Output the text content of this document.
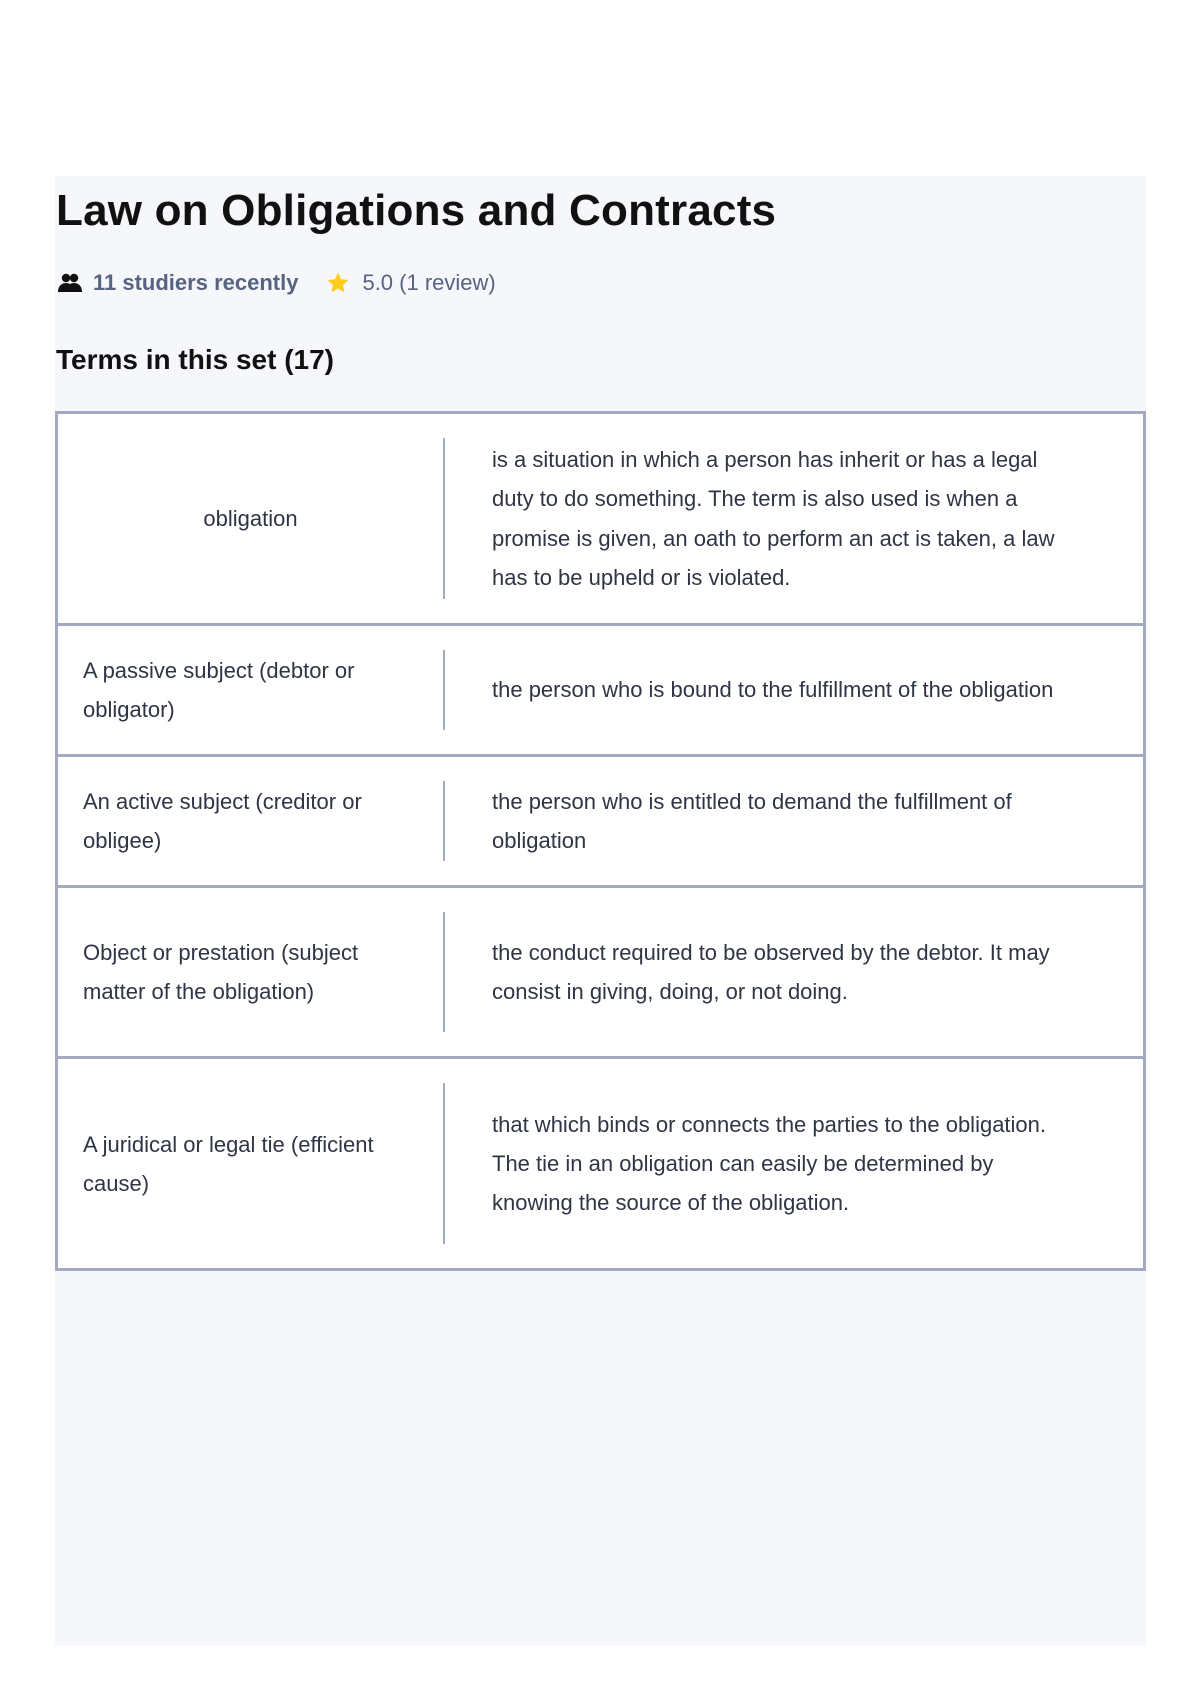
Law on Obligations and Contracts
11 studiers recently	5.0 (1 review)
Terms in this set (17)
obligation
is a situation in which a person has inherit or has a legal duty to do something. The term is also used is when a promise is given, an oath to perform an act is taken, a law has to be upheld or is violated.
A passive subject (debtor or obligator)
the person who is bound to the fulfillment of the obligation
An active subject (creditor or obligee)
the person who is entitled to demand the fulfillment of obligation
Object or prestation (subject matter of the obligation)
the conduct required to be observed by the debtor. It may consist in giving, doing, or not doing.
A juridical or legal tie (efficient cause)
that which binds or connects the parties to the obligation. The tie in an obligation can easily be determined by knowing the source of the obligation.
